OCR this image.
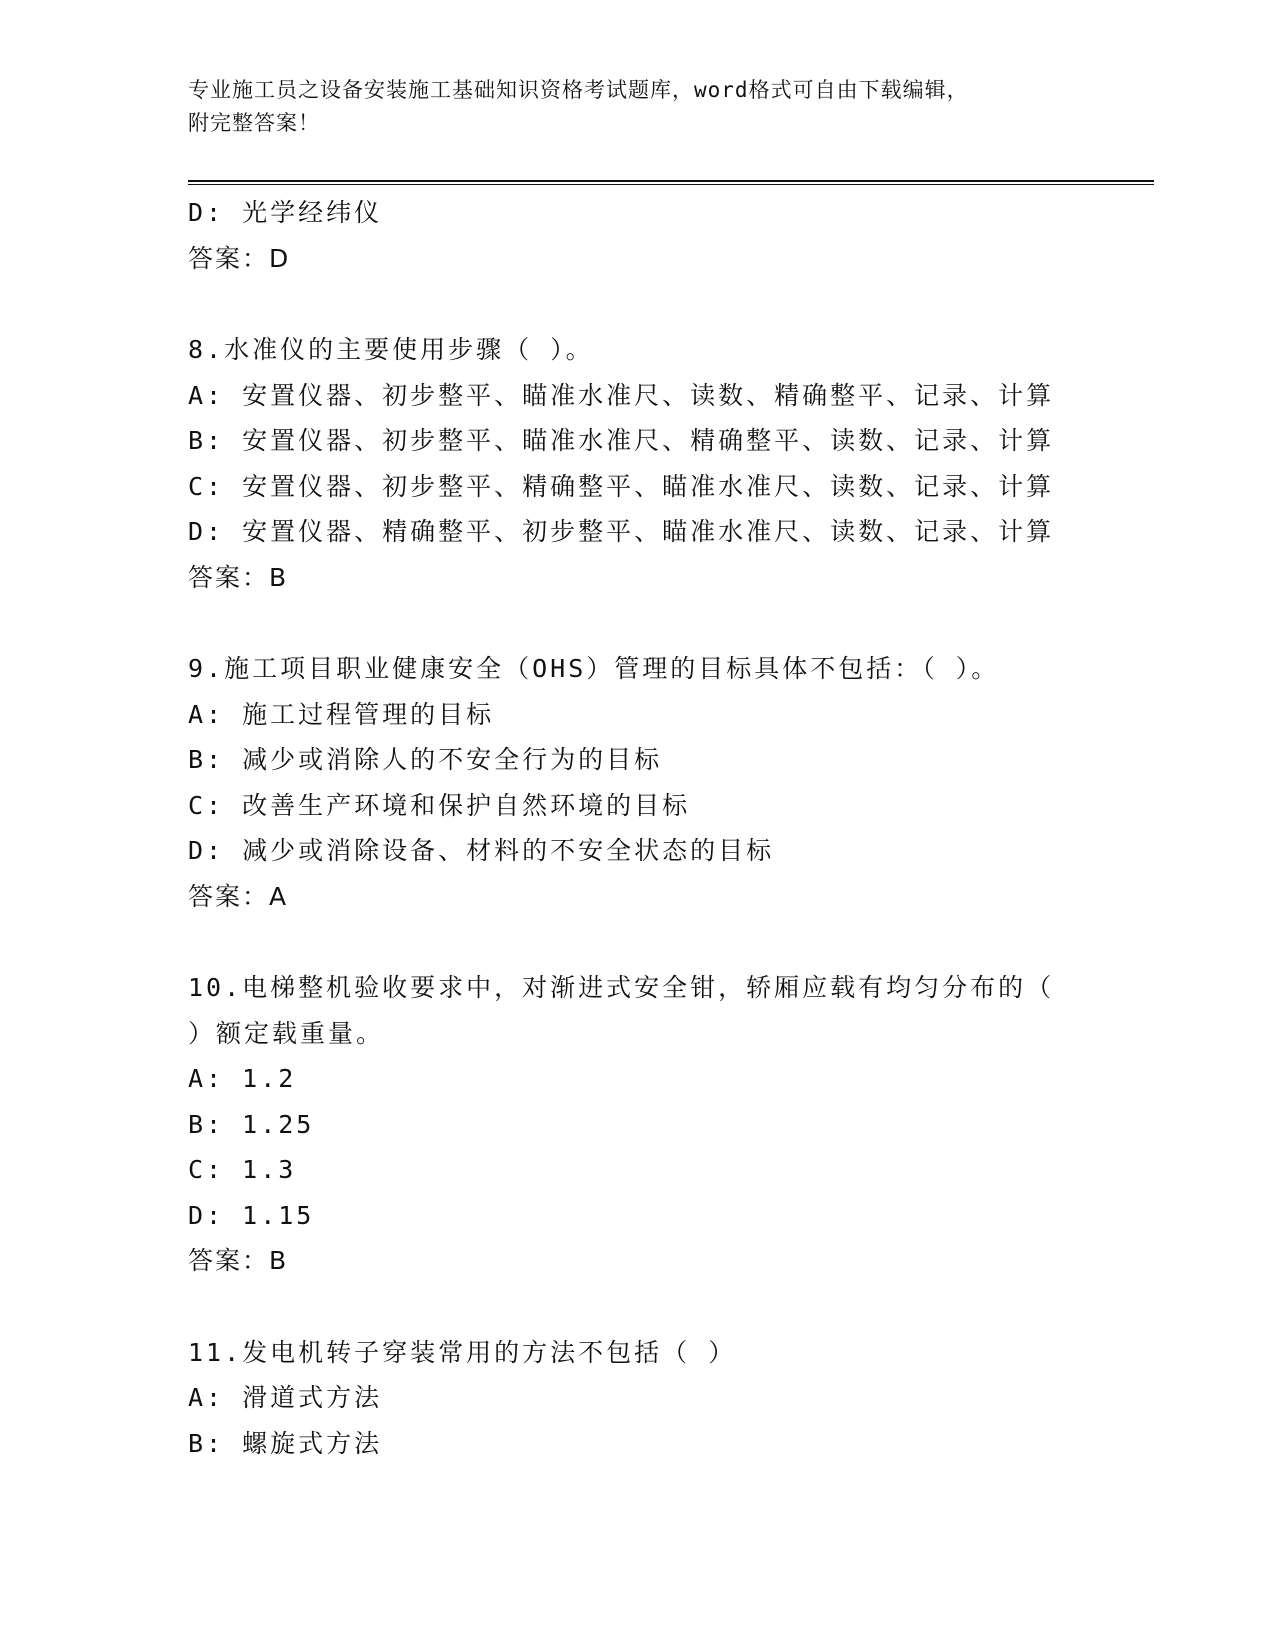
专业施工员之设备安装施工基础知识资格考试题库，word格式可自由下载编辑，
附完整答案！
D: 光学经纬仪
答案：D
8.水准仪的主要使用步骤（ ）。
A: 安置仪器、初步整平、瞄准水准尺、读数、精确整平、记录、计算
B: 安置仪器、初步整平、瞄准水准尺、精确整平、读数、记录、计算
C: 安置仪器、初步整平、精确整平、瞄准水准尺、读数、记录、计算
D: 安置仪器、精确整平、初步整平、瞄准水准尺、读数、记录、计算
答案：B
9.施工项目职业健康安全（OHS）管理的目标具体不包括：（ ）。
A: 施工过程管理的目标
B: 减少或消除人的不安全行为的目标
C: 改善生产环境和保护自然环境的目标
D: 减少或消除设备、材料的不安全状态的目标
答案：A
10.电梯整机验收要求中，对渐进式安全钳，轿厢应载有均匀分布的（
）额定载重量。
A: 1.2
B: 1.25
C: 1.3
D: 1.15
答案：B
11.发电机转子穿装常用的方法不包括（ ）
A: 滑道式方法
B: 螺旋式方法
